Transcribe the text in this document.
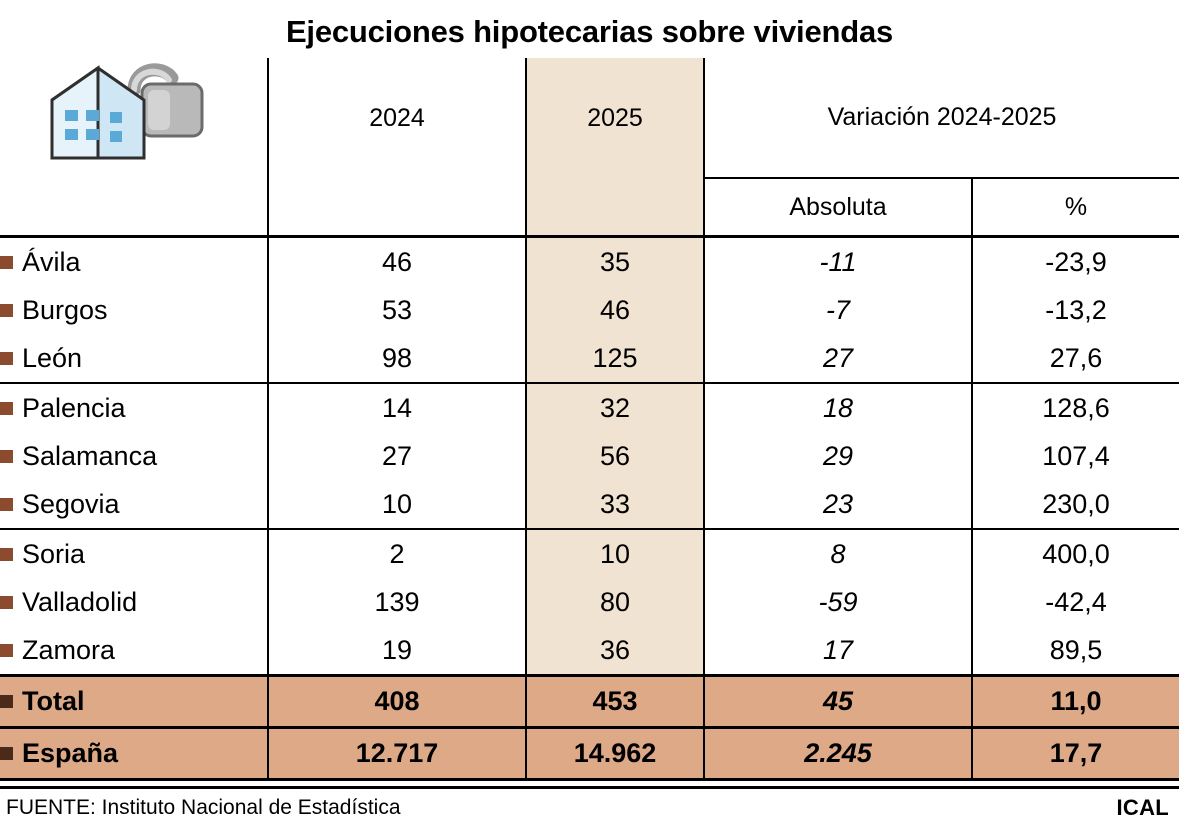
Ejecuciones hipotecarias sobre viviendas
	2024	2025	Variación 2024-2025	
			Absoluta	%
Ávila	46	35	-11	-23,9
Burgos	53	46	-7	-13,2
León	98	125	27	27,6
Palencia	14	32	18	128,6
Salamanca	27	56	29	107,4
Segovia	10	33	23	230,0
Soria	2	10	8	400,0
Valladolid	139	80	-59	-42,4
Zamora	19	36	17	89,5
Total	408	453	45	11,0
España	12.717	14.962	2.245	17,7
FUENTE: Instituto Nacional de Estadística	ICAL
